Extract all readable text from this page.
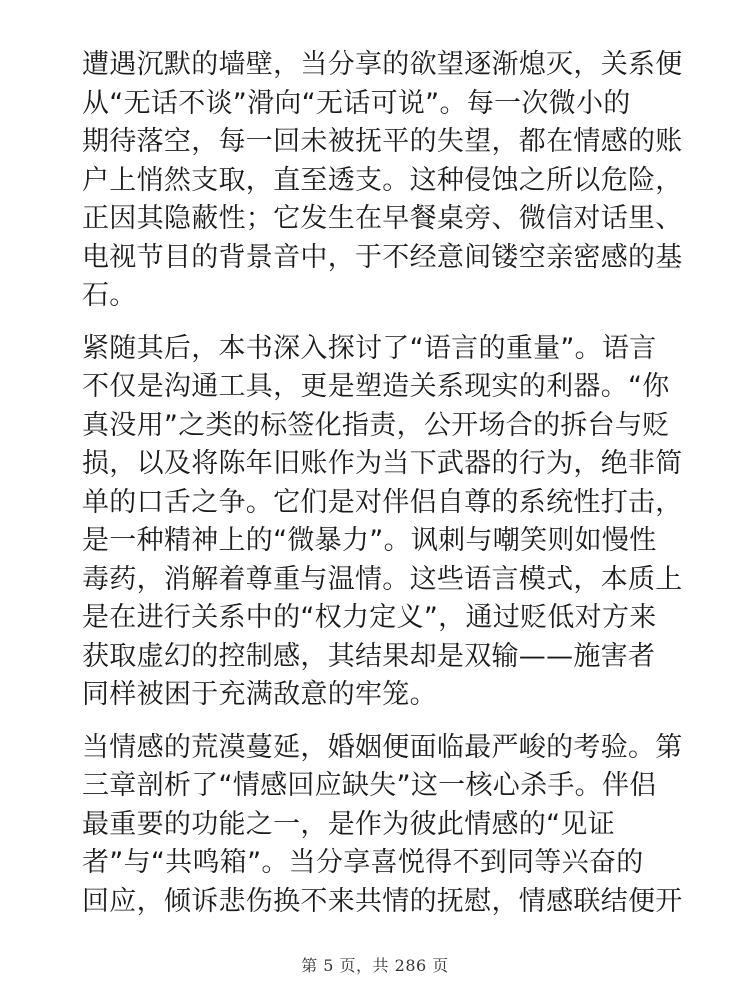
遭遇沉默的墙壁，当分享的欲望逐渐熄灭，关系便
从“无话不谈”滑向“无话可说”。每一次微小的
期待落空，每一回未被抚平的失望，都在情感的账
户上悄然支取，直至透支。这种侵蚀之所以危险，
正因其隐蔽性；它发生在早餐桌旁、微信对话里、
电视节目的背景音中，于不经意间镂空亲密感的基
石。

紧随其后，本书深入探讨了“语言的重量”。语言
不仅是沟通工具，更是塑造关系现实的利器。“你
真没用”之类的标签化指责，公开场合的拆台与贬
损，以及将陈年旧账作为当下武器的行为，绝非简
单的口舌之争。它们是对伴侣自尊的系统性打击，
是一种精神上的“微暴力”。讽刺与嘲笑则如慢性
毒药，消解着尊重与温情。这些语言模式，本质上
是在进行关系中的“权力定义”，通过贬低对方来
获取虚幻的控制感，其结果却是双输——施害者
同样被困于充满敌意的牢笼。

当情感的荒漠蔓延，婚姻便面临最严峻的考验。第
三章剖析了“情感回应缺失”这一核心杀手。伴侣
最重要的功能之一，是作为彼此情感的“见证
者”与“共鸣箱”。当分享喜悦得不到同等兴奋的
回应，倾诉悲伤换不来共情的抚慰，情感联结便开

第 5 页，共 286 页
